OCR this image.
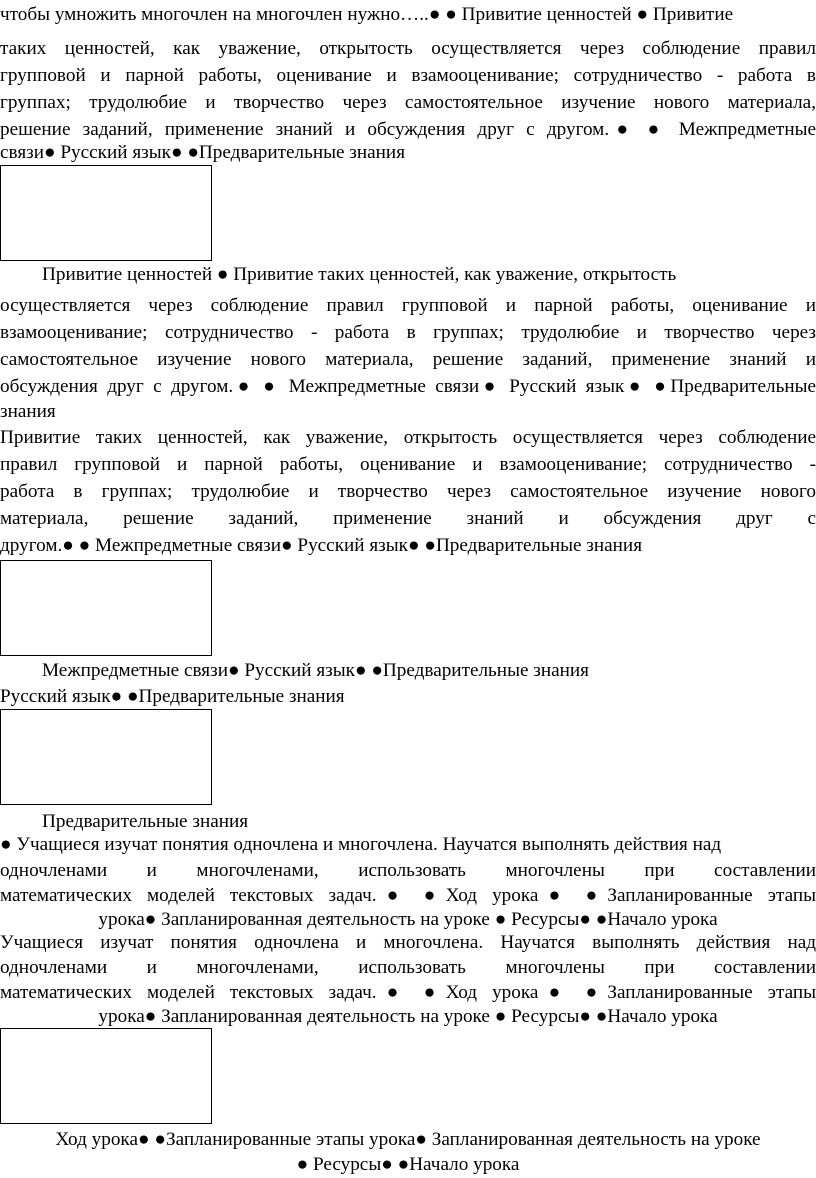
чтобы умножить многочлен на многочлен нужно…..● ● Привитие ценностей ● Привитие
таких ценностей, как уважение, открытость осуществляется через соблюдение правил
групповой и парной работы, оценивание и взамооценивание; сотрудничество - работа в
группах; трудолюбие и творчество через самостоятельное изучение нового материала,
решение заданий, применение знаний и обсуждения друг с другом.● ● Межпредметные
связи● Русский язык● ●Предварительные знания
Привитие ценностей ● Привитие таких ценностей, как уважение, открытость
осуществляется через соблюдение правил групповой и парной работы, оценивание и
взамооценивание; сотрудничество - работа в группах; трудолюбие и творчество через
самостоятельное изучение нового материала, решение заданий, применение знаний и
обсуждения друг с другом.● ● Межпредметные связи● Русский язык● ●Предварительные
знания
Привитие таких ценностей, как уважение, открытость осуществляется через соблюдение
правил групповой и парной работы, оценивание и взамооценивание; сотрудничество -
работа в группах; трудолюбие и творчество через самостоятельное изучение нового
материала, решение заданий, применение знаний и обсуждения друг с
другом.● ● Межпредметные связи● Русский язык● ●Предварительные знания
Межпредметные связи● Русский язык● ●Предварительные знания
Русский язык● ●Предварительные знания
Предварительные знания
● Учащиеся изучат понятия одночлена и многочлена. Научатся выполнять действия над
одночленами и многочленами, использовать многочлены при составлении
математических моделей текстовых задач.● ●Ход урока● ●Запланированные этапы
урока● Запланированная деятельность на уроке ● Ресурсы● ●Начало урока
Учащиеся изучат понятия одночлена и многочлена. Научатся выполнять действия над
одночленами и многочленами, использовать многочлены при составлении
математических моделей текстовых задач.● ●Ход урока● ●Запланированные этапы
урока● Запланированная деятельность на уроке ● Ресурсы● ●Начало урока
Ход урока● ●Запланированные этапы урока● Запланированная деятельность на уроке
● Ресурсы● ●Начало урока
